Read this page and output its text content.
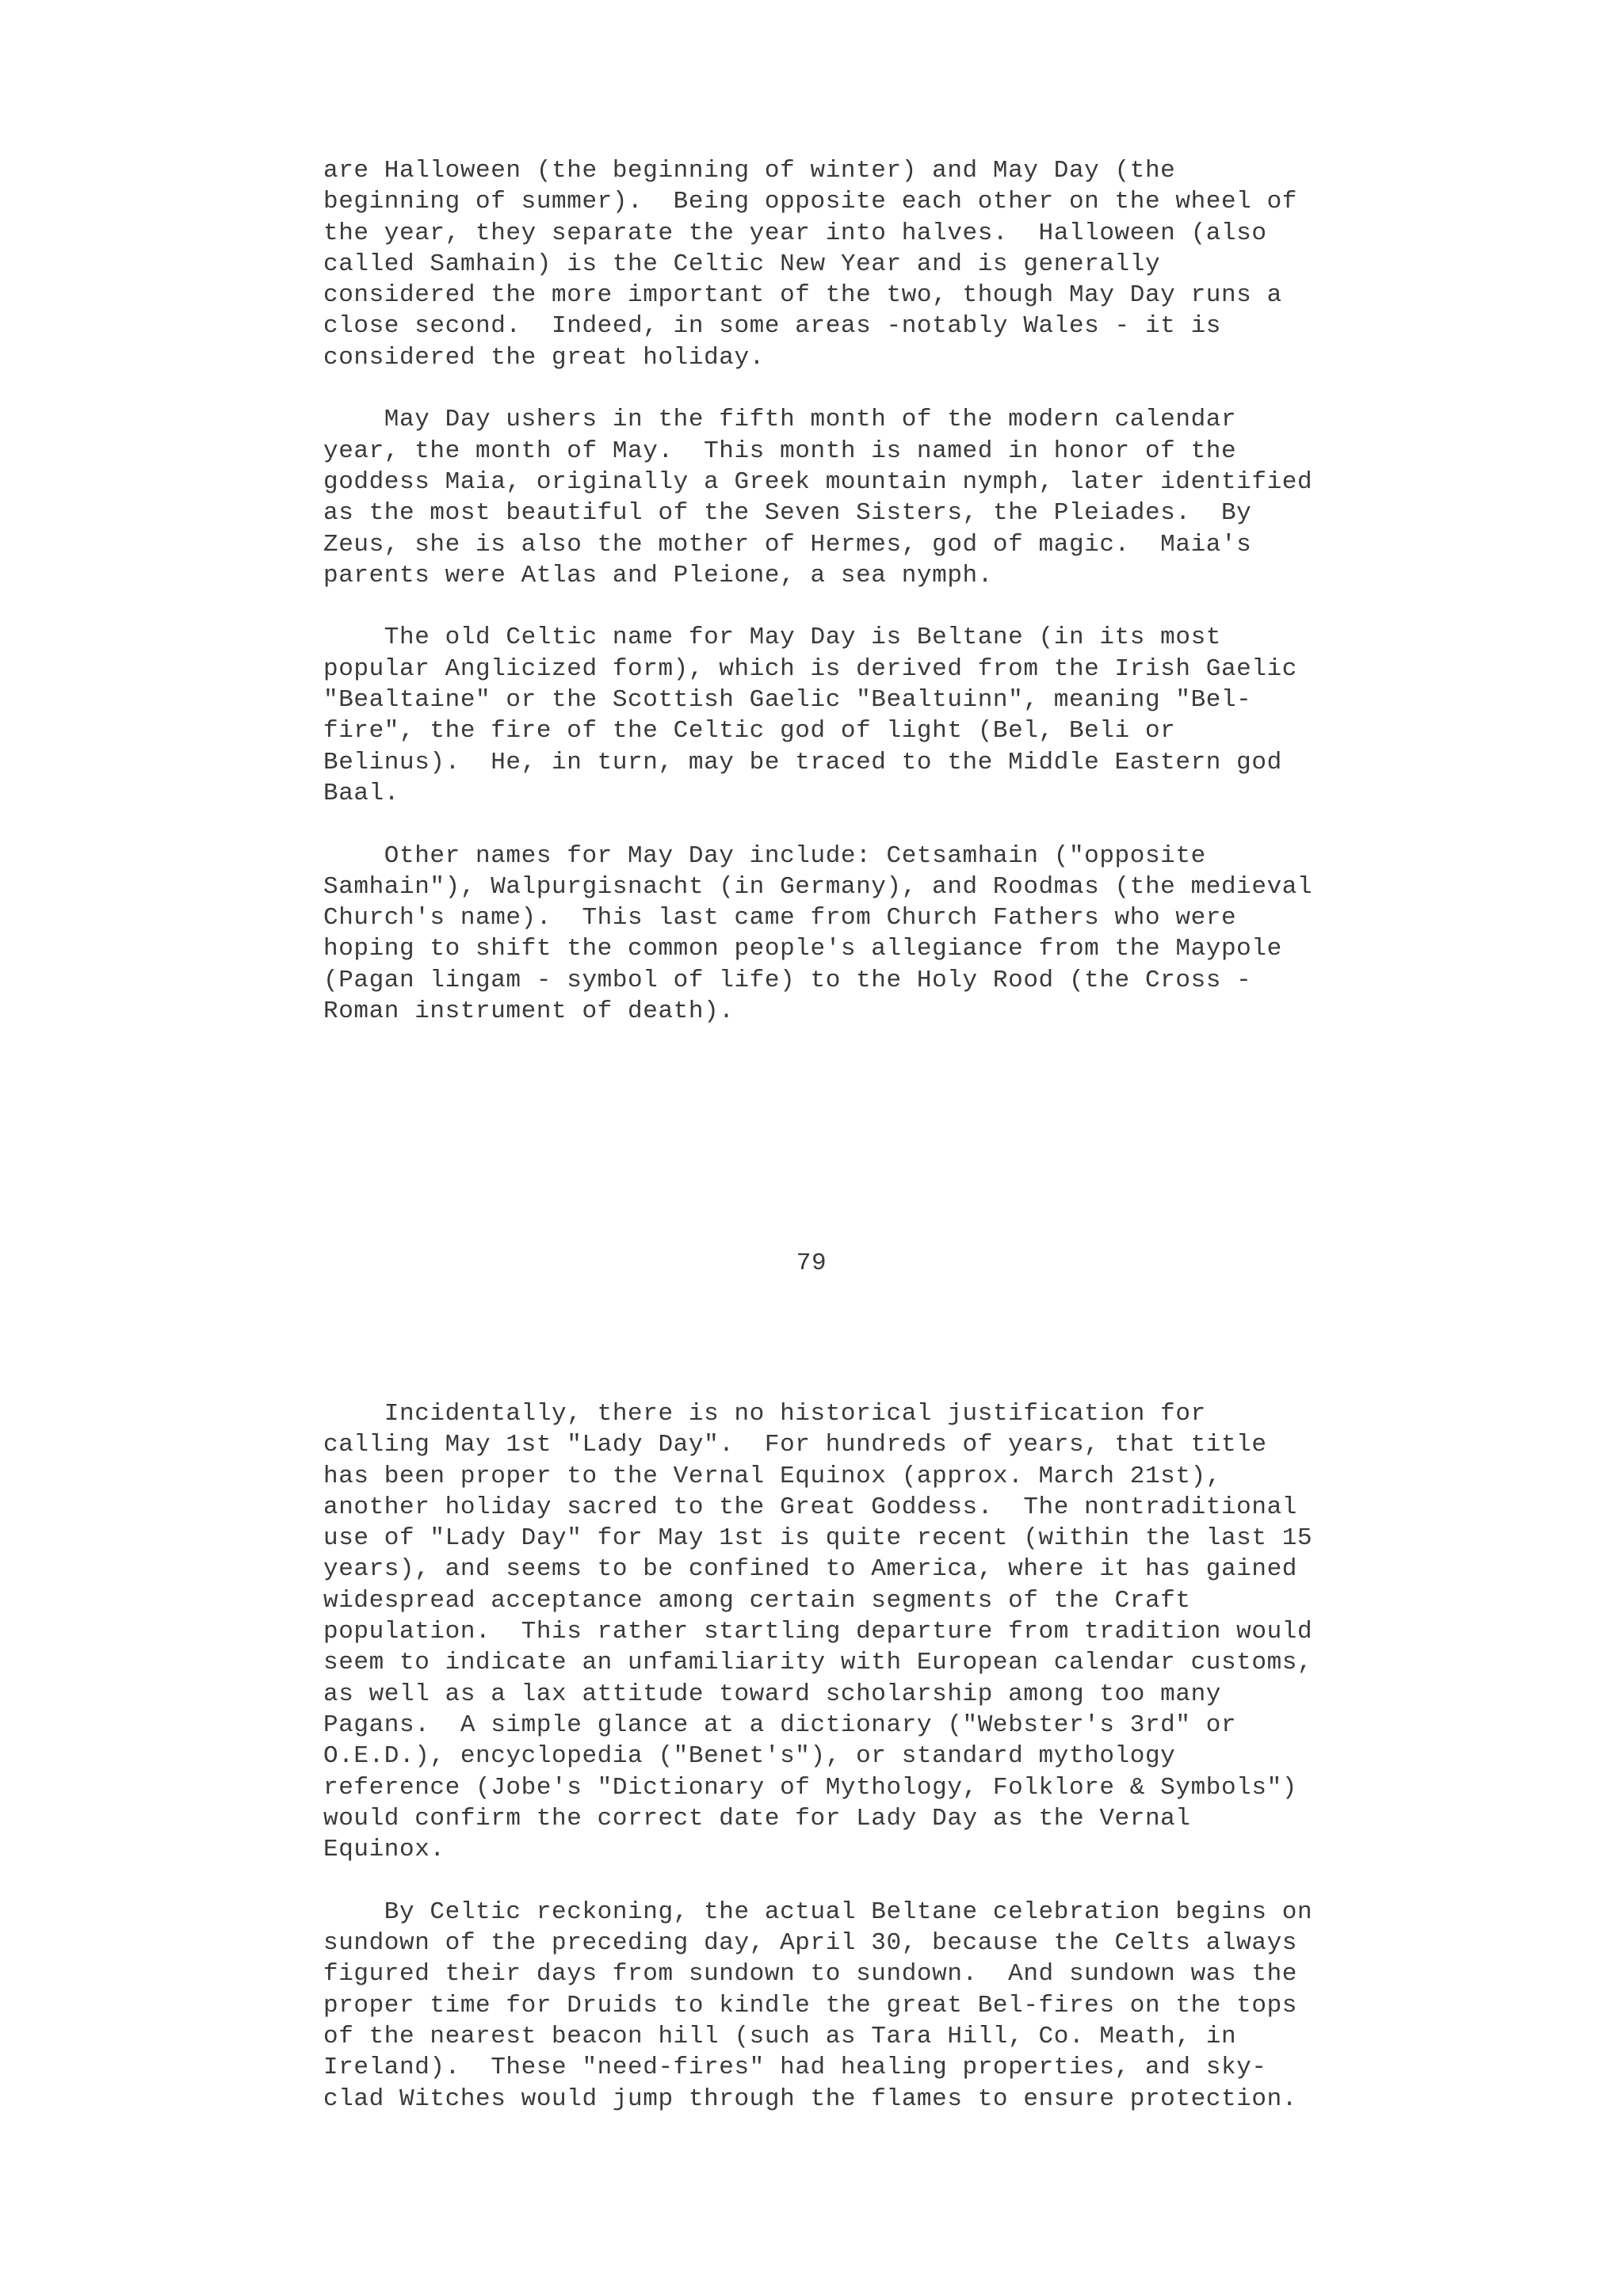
are Halloween (the beginning of winter) and May Day (the
beginning of summer).  Being opposite each other on the wheel of
the year, they separate the year into halves.  Halloween (also
called Samhain) is the Celtic New Year and is generally
considered the more important of the two, though May Day runs a
close second.  Indeed, in some areas -notably Wales - it is
considered the great holiday.

May Day ushers in the fifth month of the modern calendar
year, the month of May.  This month is named in honor of the
goddess Maia, originally a Greek mountain nymph, later identified
as the most beautiful of the Seven Sisters, the Pleiades.  By
Zeus, she is also the mother of Hermes, god of magic.  Maia's
parents were Atlas and Pleione, a sea nymph.

The old Celtic name for May Day is Beltane (in its most
popular Anglicized form), which is derived from the Irish Gaelic
"Bealtaine" or the Scottish Gaelic "Bealtuinn", meaning "Bel-
fire", the fire of the Celtic god of light (Bel, Beli or
Belinus).  He, in turn, may be traced to the Middle Eastern god
Baal.

Other names for May Day include: Cetsamhain ("opposite
Samhain"), Walpurgisnacht (in Germany), and Roodmas (the medieval
Church's name).  This last came from Church Fathers who were
hoping to shift the common people's allegiance from the Maypole
(Pagan lingam - symbol of life) to the Holy Rood (the Cross -
Roman instrument of death).
79
Incidentally, there is no historical justification for
calling May 1st "Lady Day".  For hundreds of years, that title
has been proper to the Vernal Equinox (approx. March 21st),
another holiday sacred to the Great Goddess.  The nontraditional
use of "Lady Day" for May 1st is quite recent (within the last 15
years), and seems to be confined to America, where it has gained
widespread acceptance among certain segments of the Craft
population.  This rather startling departure from tradition would
seem to indicate an unfamiliarity with European calendar customs,
as well as a lax attitude toward scholarship among too many
Pagans.  A simple glance at a dictionary ("Webster's 3rd" or
O.E.D.), encyclopedia ("Benet's"), or standard mythology
reference (Jobe's "Dictionary of Mythology, Folklore & Symbols")
would confirm the correct date for Lady Day as the Vernal
Equinox.

By Celtic reckoning, the actual Beltane celebration begins on
sundown of the preceding day, April 30, because the Celts always
figured their days from sundown to sundown.  And sundown was the
proper time for Druids to kindle the great Bel-fires on the tops
of the nearest beacon hill (such as Tara Hill, Co. Meath, in
Ireland).  These "need-fires" had healing properties, and sky-
clad Witches would jump through the flames to ensure protection.
